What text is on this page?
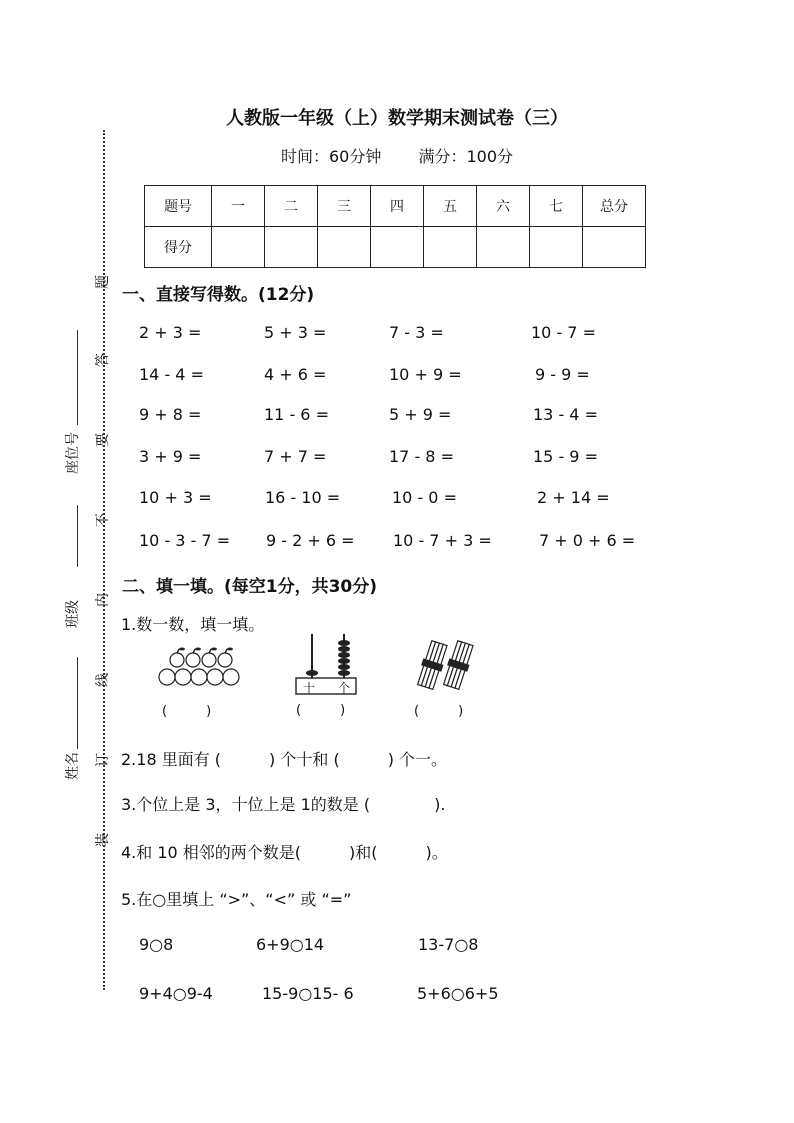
题
答
要
不
内
线
订
装
座位号
班级
姓名
人教版一年级（上）数学期末测试卷（三）
时间：60分钟 满分：100分
题号	一	二	三	四	五	六	七	总分
得分								
一、直接写得数。(12分)
2 + 3 =	5 + 3 =	7 - 3 =	10 - 7 =
14 - 4 =	4 + 6 =	10 + 9 =	9 - 9 =
9 + 8 =	11 - 6 =	5 + 9 =	13 - 4 =
3 + 9 =	7 + 7 =	17 - 8 =	15 - 9 =
10 + 3 =	16 - 10 =	10 - 0 =	2 + 14 =
10 - 3 - 7 = 9 - 2 + 6 = 10 - 7 + 3 =	7 + 0 + 6 =
二、填一填。(每空1分，共30分)
1.数一数，填一填。
十 个
(　　　)	(　　　)	(　　　)
2.18 里面有 (　　　) 个十和 (　　　) 个一。
3.个位上是 3，十位上是 1的数是 (　　　　).
4.和 10 相邻的两个数是(　　　)和(　　　)。
5.在○里填上 “>”、“<” 或 “=”
9○8	6+9○14	13-7○8
9+4○9-4	15-9○15- 6	5+6○6+5
